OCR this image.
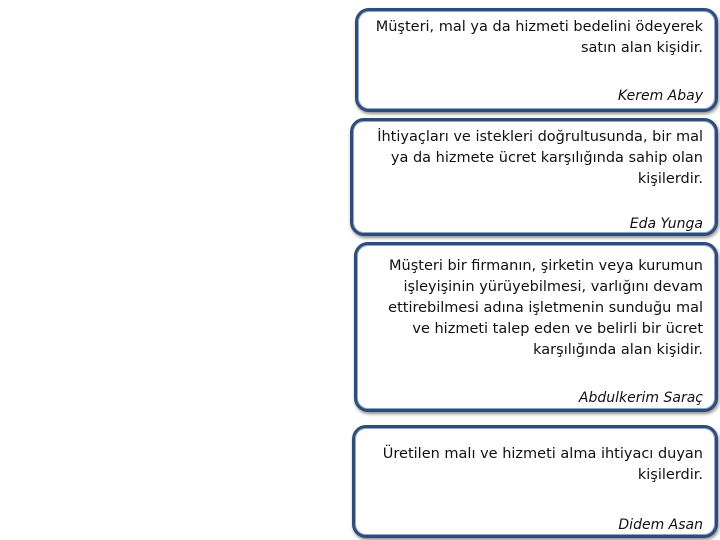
Müşteri, mal ya da hizmeti bedelini ödeyerek
satın alan kişidir.
Kerem Abay
İhtiyaçları ve istekleri doğrultusunda, bir mal
ya da hizmete ücret karşılığında sahip olan
kişilerdir.
Eda Yunga
Müşteri bir firmanın, şirketin veya kurumun
işleyişinin yürüyebilmesi, varlığını devam
ettirebilmesi adına işletmenin sunduğu mal
ve hizmeti talep eden ve belirli bir ücret
karşılığında alan kişidir.
Abdulkerim Saraç
Üretilen malı ve hizmeti alma ihtiyacı duyan
kişilerdir.
Didem Asan
